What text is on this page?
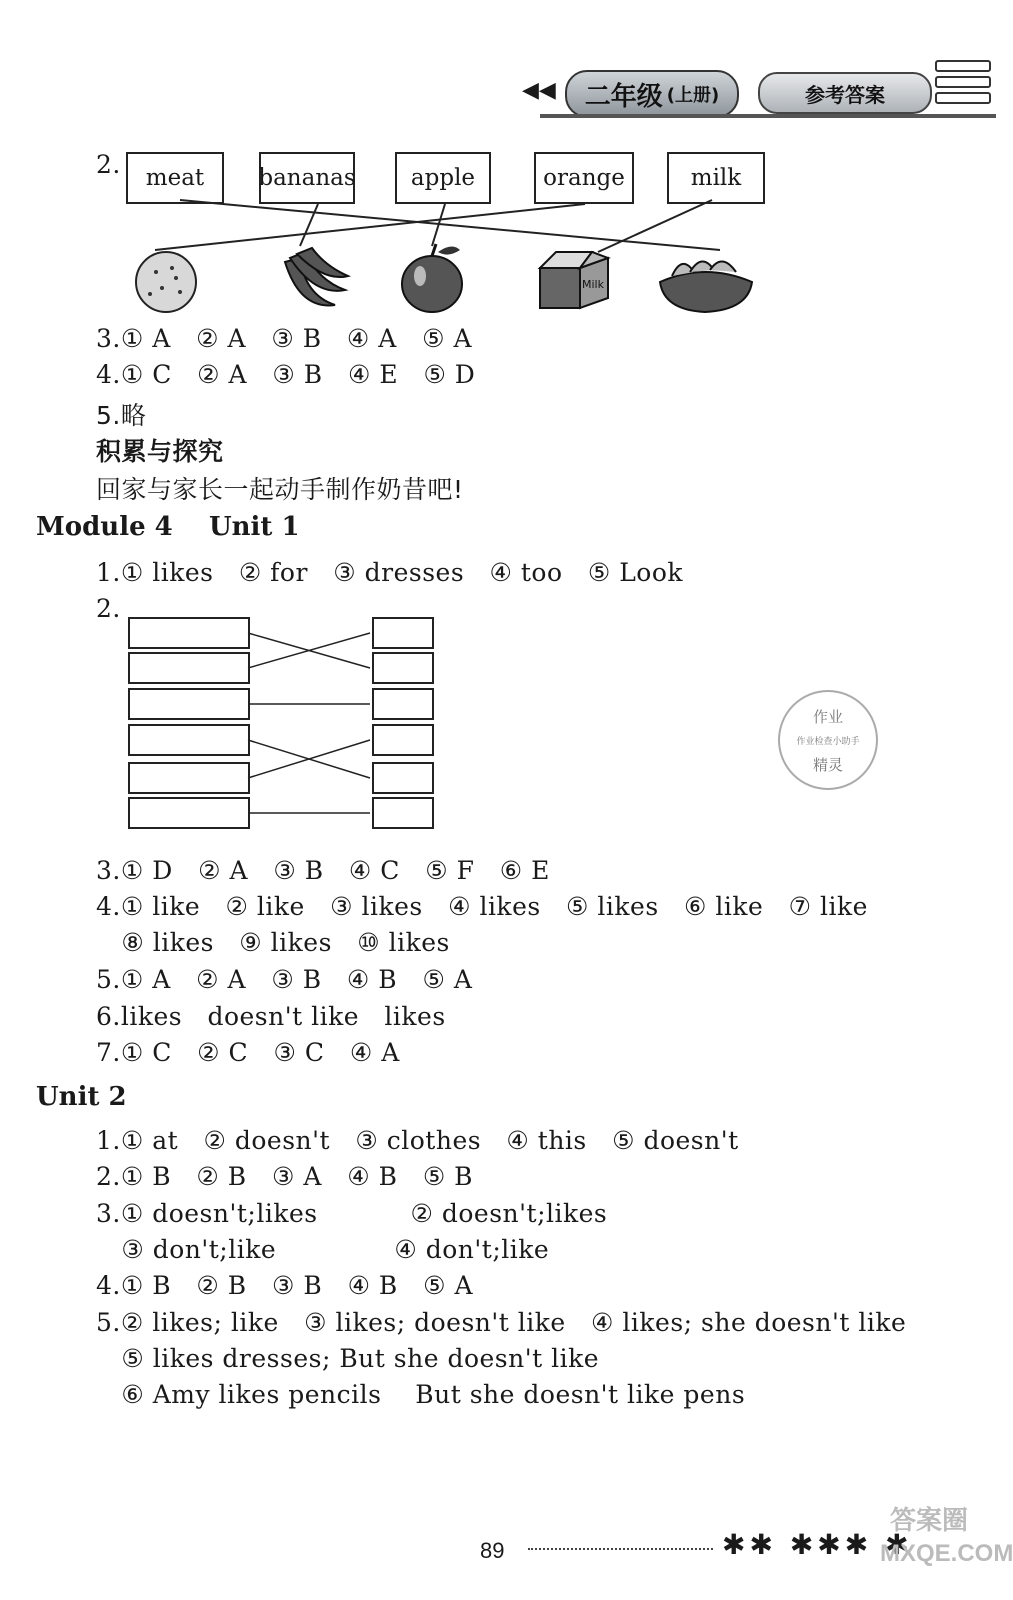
◀◀ 二年级 (上册)	参考答案
2.	meat	bananas	apple	orange	milk
Milk
3.① A   ② A   ③ B   ④ A   ⑤ A
4.① C   ② A   ③ B   ④ E   ⑤ D
5.略
积累与探究
回家与家长一起动手制作奶昔吧!
Module 4    Unit 1
1.① likes   ② for   ③ dresses   ④ too   ⑤ Look
2.
作业
作业检查小助手
精灵
3.① D   ② A   ③ B   ④ C   ⑤ F   ⑥ E
4.① like   ② like   ③ likes   ④ likes   ⑤ likes   ⑥ like   ⑦ like
⑧ likes   ⑨ likes   ⑩ likes
5.① A   ② A   ③ B   ④ B   ⑤ A
6.likes   doesn't like   likes
7.① C   ② C   ③ C   ④ A
Unit 2
1.① at   ② doesn't   ③ clothes   ④ this   ⑤ doesn't
2.① B   ② B   ③ A   ④ B   ⑤ B
3.① doesn't;likes           ② doesn't;likes
③ don't;like              ④ don't;like
4.① B   ② B   ③ B   ④ B   ⑤ A
5.② likes; like   ③ likes; doesn't like   ④ likes; she doesn't like
⑤ likes dresses; But she doesn't like
⑥ Amy likes pencils    But she doesn't like pens
89	✱✱ ✱✱✱ ✱
答案圈
MXQE.COM
